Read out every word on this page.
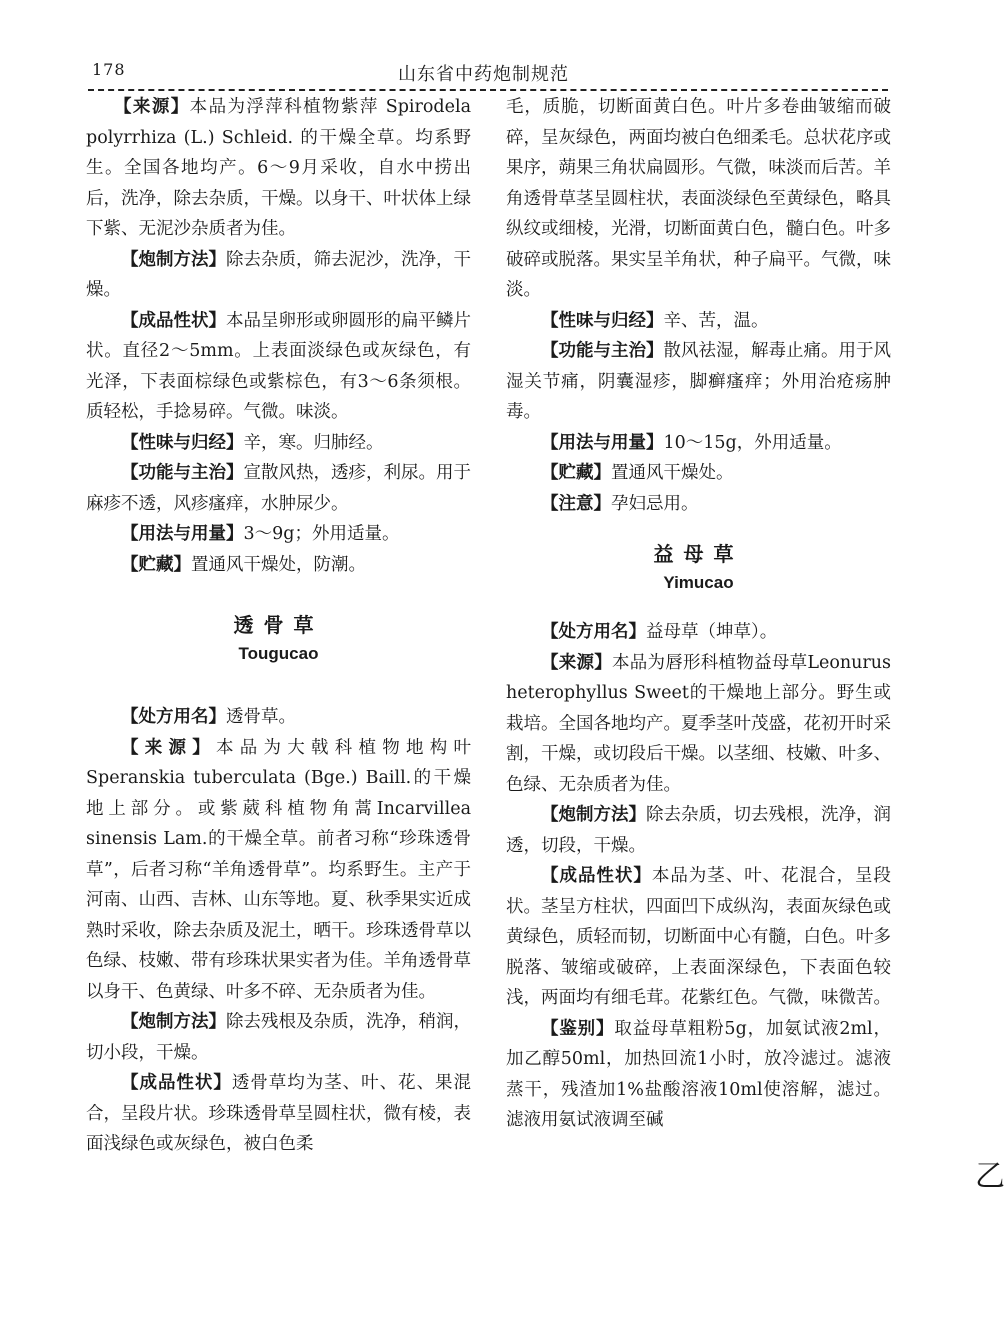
178	山东省中药炮制规范

【来源】本品为浮萍科植物紫萍 Spirodela polyrrhiza (L.) Schleid. 的干燥全草。均系野生。全国各地均产。6～9月采收，自水中捞出后，洗净，除去杂质，干燥。以身干、叶状体上绿下紫、无泥沙杂质者为佳。

【炮制方法】除去杂质，筛去泥沙，洗净，干燥。

【成品性状】本品呈卵形或卵圆形的扁平鳞片状。直径2～5mm。上表面淡绿色或灰绿色，有光泽，下表面棕绿色或紫棕色，有3～6条须根。质轻松，手捻易碎。气微。味淡。

【性味与归经】辛，寒。归肺经。

【功能与主治】宣散风热，透疹，利尿。用于麻疹不透，风疹瘙痒，水肿尿少。

【用法与用量】3～9g；外用适量。

【贮藏】置通风干燥处，防潮。

透骨草

Tougucao

【处方用名】透骨草。

【来源】本品为大戟科植物地构叶Speranskia tuberculata (Bge.) Baill.的干燥地上部分。或紫葳科植物角蒿Incarvillea sinensis Lam.的干燥全草。前者习称“珍珠透骨草”，后者习称“羊角透骨草”。均系野生。主产于河南、山西、吉林、山东等地。夏、秋季果实近成熟时采收，除去杂质及泥土，晒干。珍珠透骨草以色绿、枝嫩、带有珍珠状果实者为佳。羊角透骨草以身干、色黄绿、叶多不碎、无杂质者为佳。

【炮制方法】除去残根及杂质，洗净，稍润，切小段，干燥。

【成品性状】透骨草均为茎、叶、花、果混合，呈段片状。珍珠透骨草呈圆柱状，微有棱，表面浅绿色或灰绿色，被白色柔

毛，质脆，切断面黄白色。叶片多卷曲皱缩而破碎，呈灰绿色，两面均被白色细柔毛。总状花序或果序，蒴果三角状扁圆形。气微，味淡而后苦。羊角透骨草茎呈圆柱状，表面淡绿色至黄绿色，略具纵纹或细棱，光滑，切断面黄白色，髓白色。叶多破碎或脱落。果实呈羊角状，种子扁平。气微，味淡。

【性味与归经】辛、苦，温。

【功能与主治】散风祛湿，解毒止痛。用于风湿关节痛，阴囊湿疹，脚癣瘙痒；外用治疮疡肿毒。

【用法与用量】10～15g，外用适量。

【贮藏】置通风干燥处。

【注意】孕妇忌用。

益母草

Yimucao

【处方用名】益母草（坤草）。

【来源】本品为唇形科植物益母草Leonurus heterophyllus Sweet的干燥地上部分。野生或栽培。全国各地均产。夏季茎叶茂盛，花初开时采割，干燥，或切段后干燥。以茎细、枝嫩、叶多、色绿、无杂质者为佳。

【炮制方法】除去杂质，切去残根，洗净，润透，切段，干燥。

【成品性状】本品为茎、叶、花混合，呈段状。茎呈方柱状，四面凹下成纵沟，表面灰绿色或黄绿色，质轻而韧，切断面中心有髓，白色。叶多脱落、皱缩或破碎，上表面深绿色，下表面色较浅，两面均有细毛茸。花紫红色。气微，味微苦。

【鉴别】取益母草粗粉5g，加氨试液2ml，加乙醇50ml，加热回流1小时，放冷滤过。滤液蒸干，残渣加1%盐酸溶液10ml使溶解，滤过。滤液用氨试液调至碱

乙
